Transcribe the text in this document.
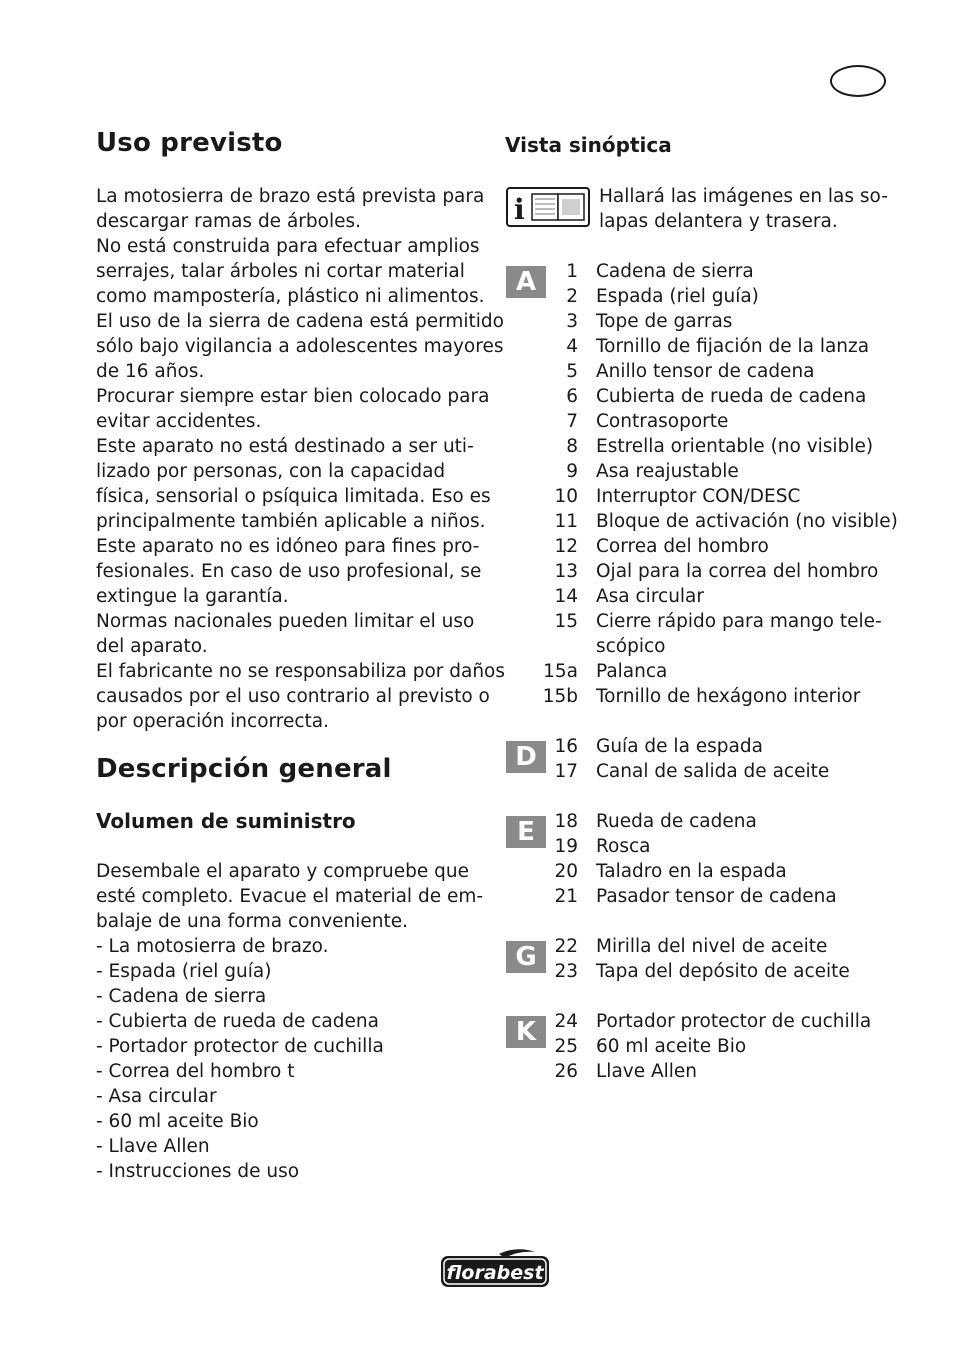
Uso previsto
La motosierra de brazo está prevista para
descargar ramas de árboles.
No está construida para efectuar amplios
serrajes, talar árboles ni cortar material
como mampostería, plástico ni alimentos.
El uso de la sierra de cadena está permitido
sólo bajo vigilancia a adolescentes mayores
de 16 años.
Procurar siempre estar bien colocado para
evitar accidentes.
Este aparato no está destinado a ser uti-
lizado por personas, con la capacidad
física, sensorial o psíquica limitada. Eso es
principalmente también aplicable a niños.
Este aparato no es idóneo para fines pro-
fesionales. En caso de uso profesional, se
extingue la garantía.
Normas nacionales pueden limitar el uso
del aparato.
El fabricante no se responsabiliza por daños
causados por el uso contrario al previsto o
por operación incorrecta.
Descripción general
Volumen de suministro
Desembale el aparato y compruebe que
esté completo. Evacue el material de em-
balaje de una forma conveniente.
- La motosierra de brazo.
- Espada (riel guía)
- Cadena de sierra
- Cubierta de rueda de cadena
- Portador protector de cuchilla
- Correa del hombro t
- Asa circular
- 60 ml aceite Bio
- Llave Allen
- Instrucciones de uso
Vista sinóptica
i	Hallará las imágenes en las so-
lapas delantera y trasera.
A	1 Cadena de sierra
2 Espada (riel guía)
3 Tope de garras
4 Tornillo de fijación de la lanza
5 Anillo tensor de cadena
6 Cubierta de rueda de cadena
7 Contrasoporte
8 Estrella orientable (no visible)
9 Asa reajustable
10 Interruptor CON/DESC
11 Bloque de activación (no visible)
12 Correa del hombro
13 Ojal para la correa del hombro
14 Asa circular
15 Cierre rápido para mango tele-
scópico
15a Palanca
15b Tornillo de hexágono interior
D 16 Guía de la espada
17 Canal de salida de aceite
E	18 Rueda de cadena
19 Rosca
20 Taladro en la espada
21 Pasador tensor de cadena
G 22 Mirilla del nivel de aceite
23 Tapa del depósito de aceite
K 24 Portador protector de cuchilla
25 60 ml aceite Bio
26 Llave Allen
florabest
